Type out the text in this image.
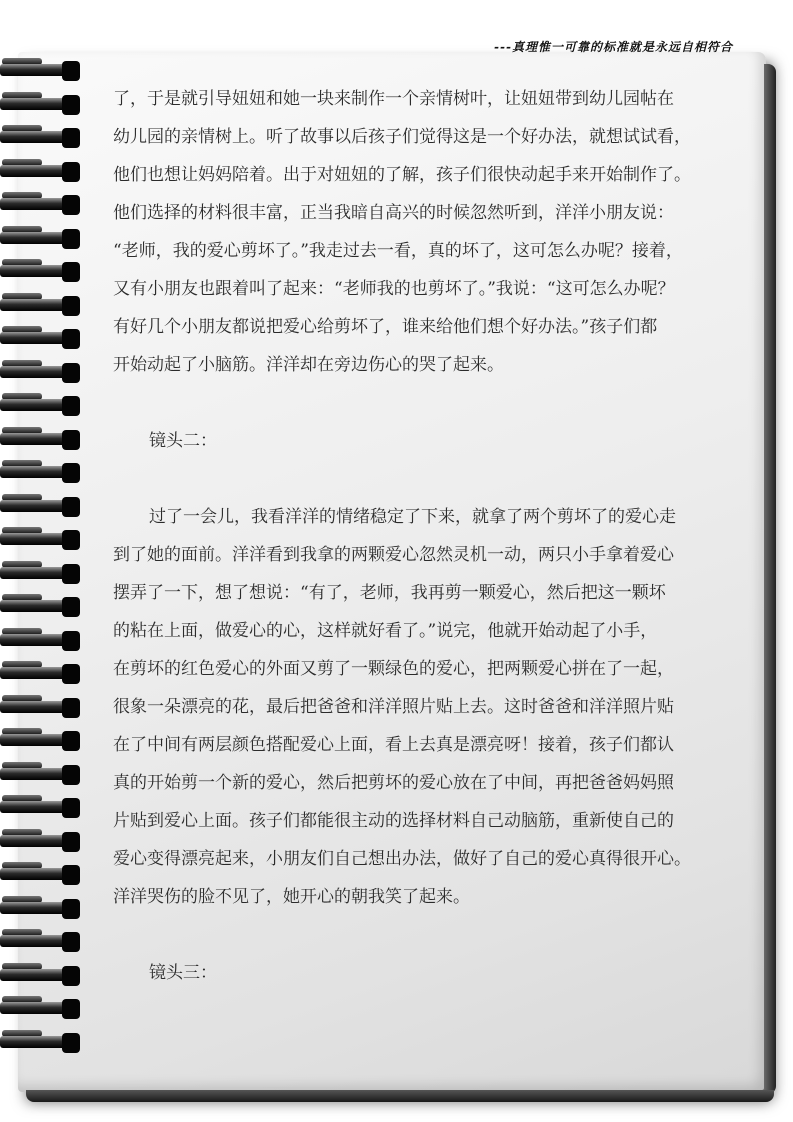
---真理惟一可靠的标准就是永远自相符合
了，于是就引导妞妞和她一块来制作一个亲情树叶，让妞妞带到幼儿园帖在
幼儿园的亲情树上。听了故事以后孩子们觉得这是一个好办法，就想试试看，
他们也想让妈妈陪着。出于对妞妞的了解，孩子们很快动起手来开始制作了。
他们选择的材料很丰富，正当我暗自高兴的时候忽然听到，洋洋小朋友说：
“老师，我的爱心剪坏了。”我走过去一看，真的坏了，这可怎么办呢？接着，
又有小朋友也跟着叫了起来：“老师我的也剪坏了。”我说：“这可怎么办呢？
有好几个小朋友都说把爱心给剪坏了，谁来给他们想个好办法。”孩子们都
开始动起了小脑筋。洋洋却在旁边伤心的哭了起来。
镜头二：
过了一会儿，我看洋洋的情绪稳定了下来，就拿了两个剪坏了的爱心走
到了她的面前。洋洋看到我拿的两颗爱心忽然灵机一动，两只小手拿着爱心
摆弄了一下，想了想说：“有了，老师，我再剪一颗爱心，然后把这一颗坏
的粘在上面，做爱心的心，这样就好看了。”说完，他就开始动起了小手，
在剪坏的红色爱心的外面又剪了一颗绿色的爱心，把两颗爱心拼在了一起，
很象一朵漂亮的花，最后把爸爸和洋洋照片贴上去。这时爸爸和洋洋照片贴
在了中间有两层颜色搭配爱心上面，看上去真是漂亮呀！接着，孩子们都认
真的开始剪一个新的爱心，然后把剪坏的爱心放在了中间，再把爸爸妈妈照
片贴到爱心上面。孩子们都能很主动的选择材料自己动脑筋，重新使自己的
爱心变得漂亮起来，小朋友们自己想出办法，做好了自己的爱心真得很开心。
洋洋哭伤的脸不见了，她开心的朝我笑了起来。
镜头三：
